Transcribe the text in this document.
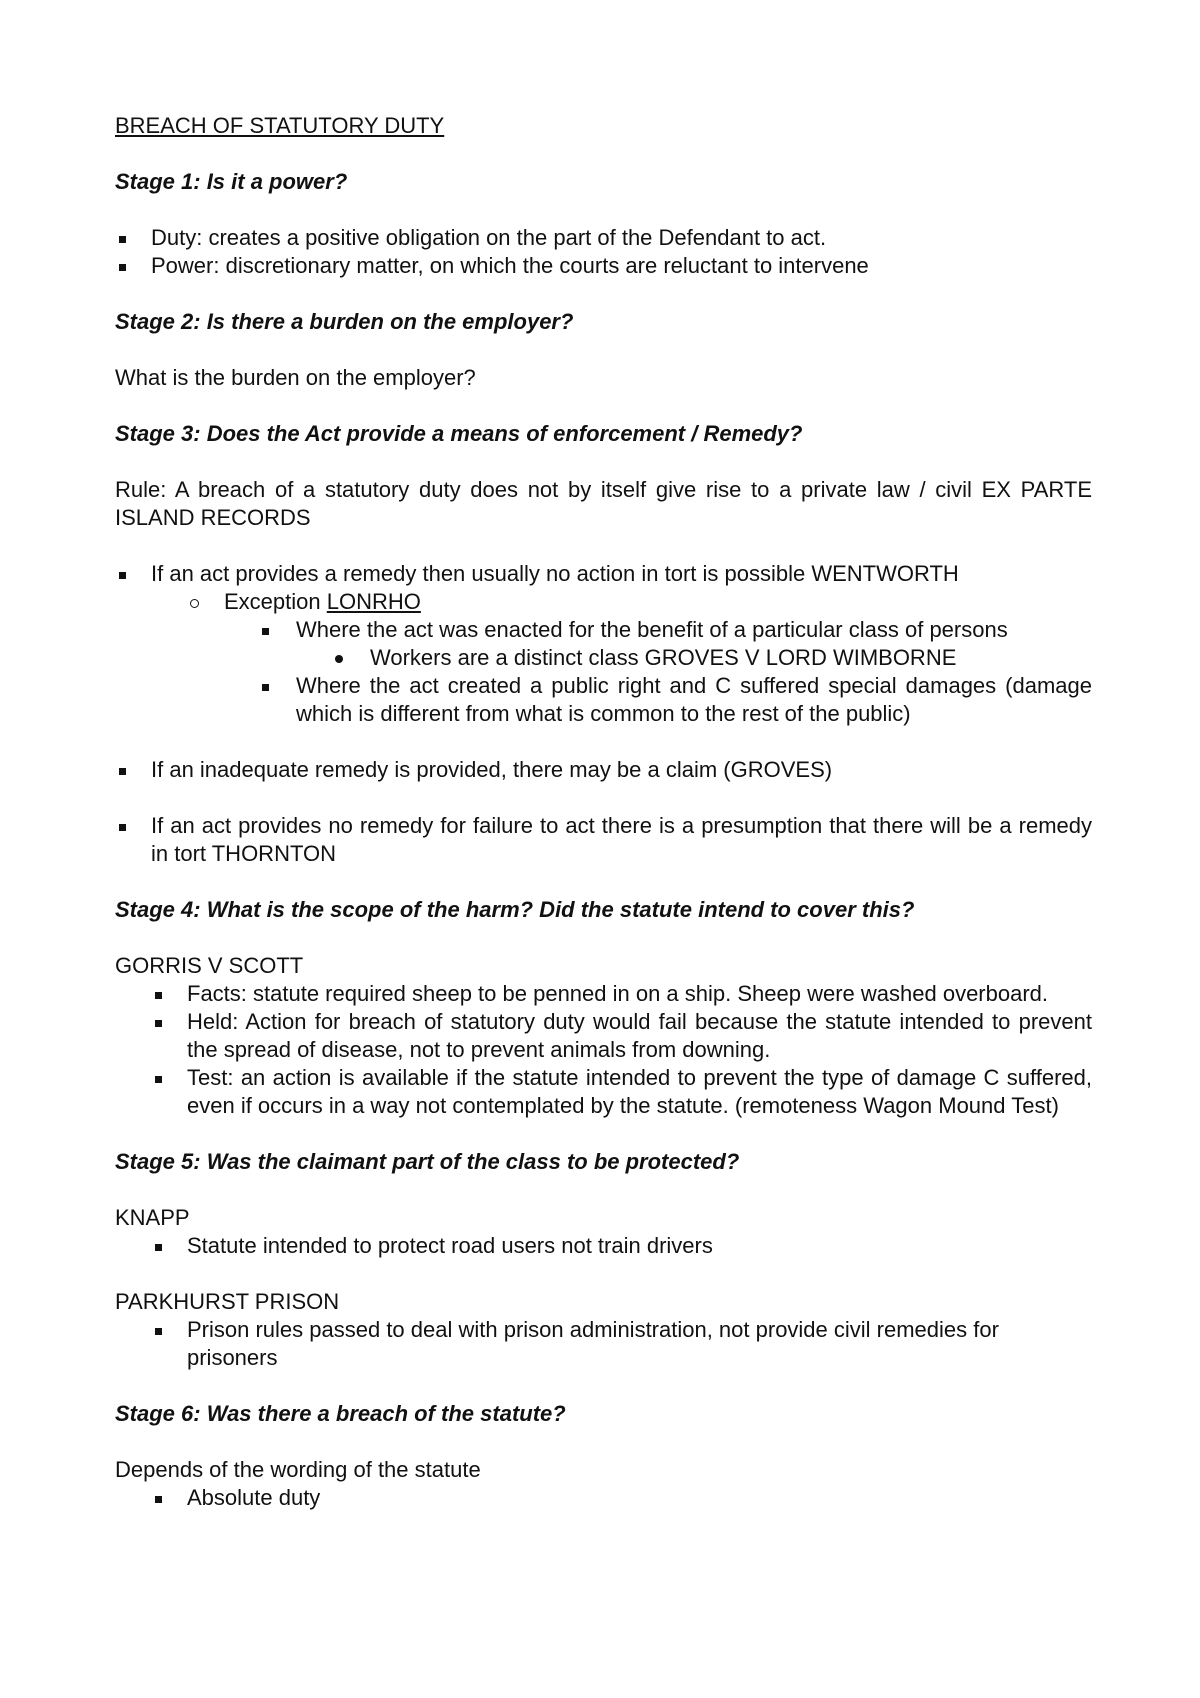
BREACH OF STATUTORY DUTY
Stage 1: Is it a power?
Duty: creates a positive obligation on the part of the Defendant to act.
Power: discretionary matter, on which the courts are reluctant to intervene
Stage 2: Is there a burden on the employer?
What is the burden on the employer?
Stage 3: Does the Act provide a means of enforcement / Remedy?
Rule: A breach of a statutory duty does not by itself give rise to a private law / civil EX PARTE ISLAND RECORDS
If an act provides a remedy then usually no action in tort is possible WENTWORTH
Exception LONRHO
Where the act was enacted for the benefit of a particular class of persons
Workers are a distinct class GROVES V LORD WIMBORNE
Where the act created a public right and C suffered special damages (damage which is different from what is common to the rest of the public)
If an inadequate remedy is provided, there may be a claim (GROVES)
If an act provides no remedy for failure to act there is a presumption that there will be a remedy in tort THORNTON
Stage 4: What is the scope of the harm? Did the statute intend to cover this?
GORRIS V SCOTT
Facts: statute required sheep to be penned in on a ship. Sheep were washed overboard.
Held: Action for breach of statutory duty would fail because the statute intended to prevent the spread of disease, not to prevent animals from downing.
Test: an action is available if the statute intended to prevent the type of damage C suffered, even if occurs in a way not contemplated by the statute. (remoteness Wagon Mound Test)
Stage 5: Was the claimant part of the class to be protected?
KNAPP
Statute intended to protect road users not train drivers
PARKHURST PRISON
Prison rules passed to deal with prison administration, not provide civil remedies for prisoners
Stage 6: Was there a breach of the statute?
Depends of the wording of the statute
Absolute duty
